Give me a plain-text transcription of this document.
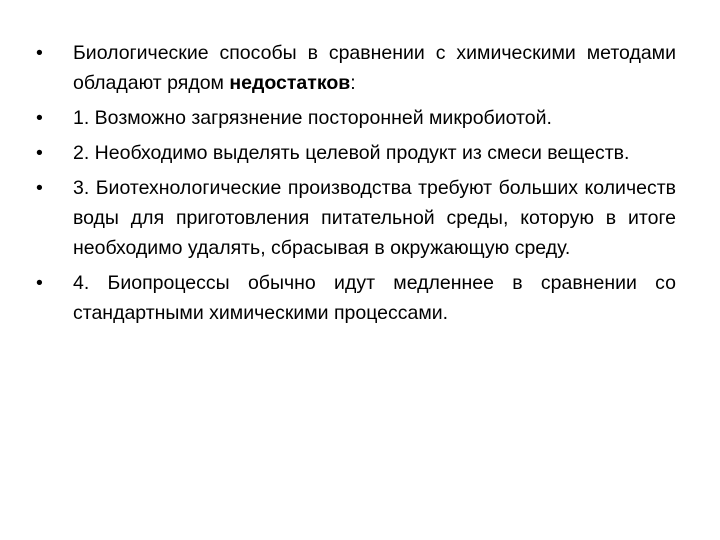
• Биологические способы в сравнении с химическими методами обладают рядом недостатков:
• 1. Возможно загрязнение посторонней микробиотой.
• 2. Необходимо выделять целевой продукт из смеси веществ.
• 3. Биотехнологические производства требуют больших количеств воды для приготовления питательной среды, которую в итоге необходимо удалять, сбрасывая в окружающую среду.
• 4. Биопроцессы обычно идут медленнее в сравнении со стандартными химическими процессами.
